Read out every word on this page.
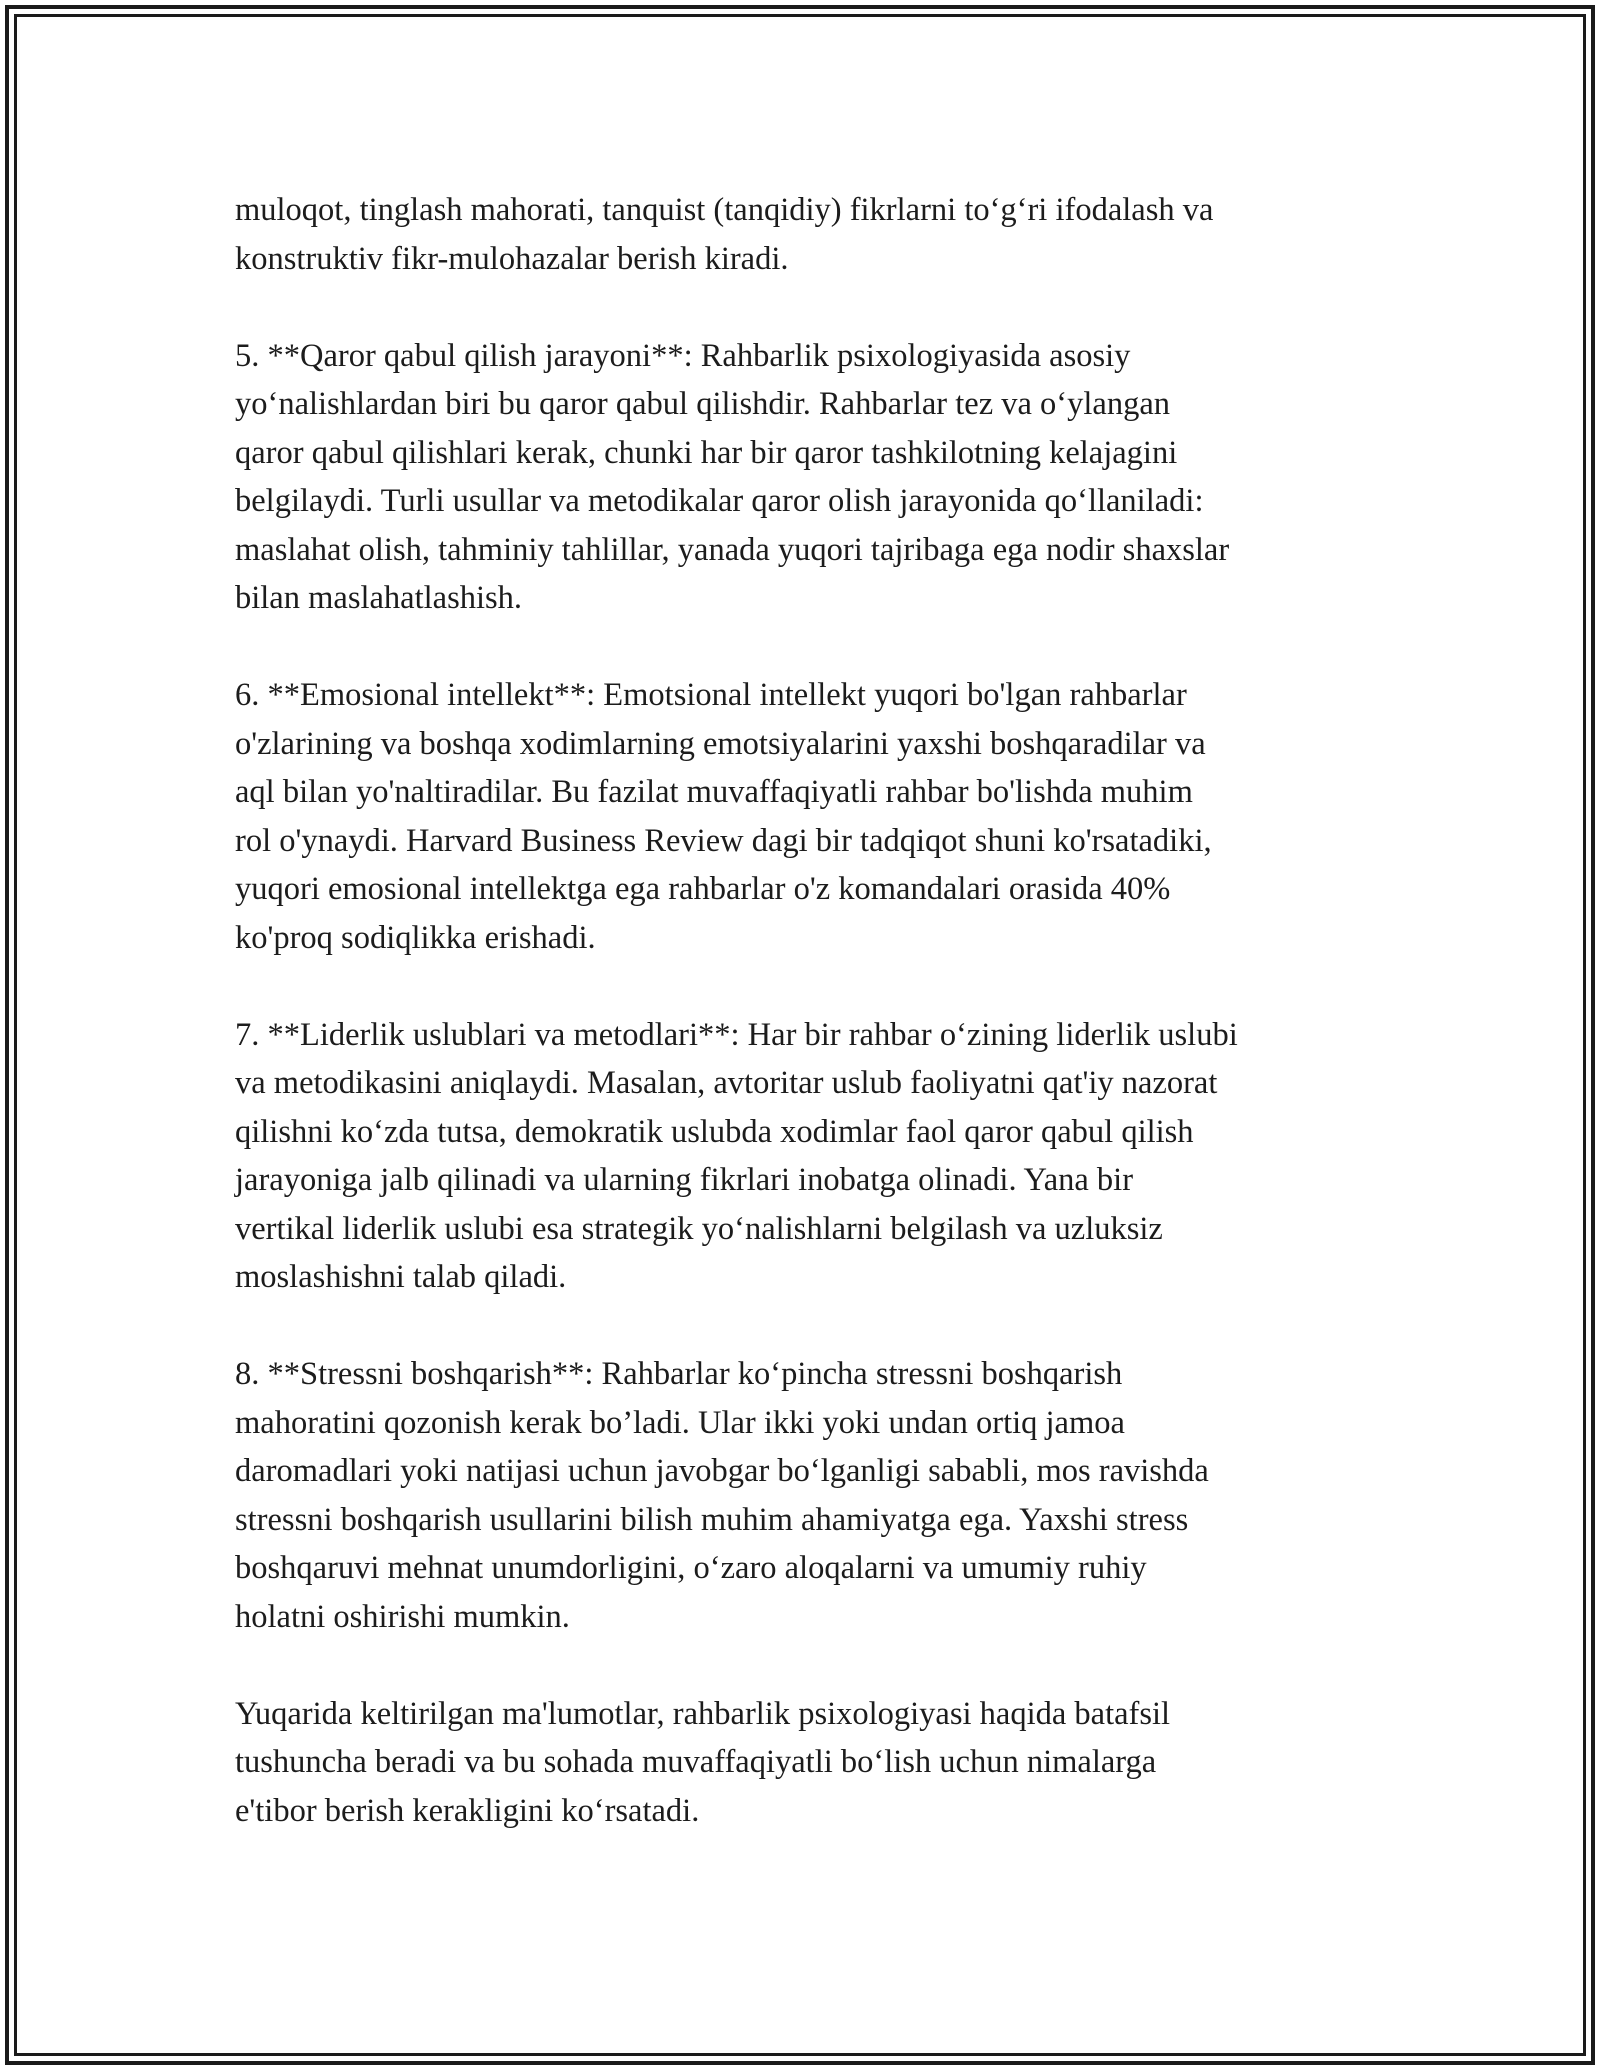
muloqot, tinglash mahorati, tanquist (tanqidiy) fikrlarni to‘g‘ri ifodalash va
konstruktiv fikr-mulohazalar berish kiradi.

5. **Qaror qabul qilish jarayoni**: Rahbarlik psixologiyasida asosiy
yo‘nalishlardan biri bu qaror qabul qilishdir. Rahbarlar tez va o‘ylangan
qaror qabul qilishlari kerak, chunki har bir qaror tashkilotning kelajagini
belgilaydi. Turli usullar va metodikalar qaror olish jarayonida qo‘llaniladi:
maslahat olish, tahminiy tahlillar, yanada yuqori tajribaga ega nodir shaxslar
bilan maslahatlashish.

6. **Emosional intellekt**: Emotsional intellekt yuqori bo'lgan rahbarlar
o'zlarining va boshqa xodimlarning emotsiyalarini yaxshi boshqaradilar va
aql bilan yo'naltiradilar. Bu fazilat muvaffaqiyatli rahbar bo'lishda muhim
rol o'ynaydi. Harvard Business Review dagi bir tadqiqot shuni ko'rsatadiki,
yuqori emosional intellektga ega rahbarlar o'z komandalari orasida 40%
ko'proq sodiqlikka erishadi.

7. **Liderlik uslublari va metodlari**: Har bir rahbar o‘zining liderlik uslubi
va metodikasini aniqlaydi. Masalan, avtoritar uslub faoliyatni qat'iy nazorat
qilishni ko‘zda tutsa, demokratik uslubda xodimlar faol qaror qabul qilish
jarayoniga jalb qilinadi va ularning fikrlari inobatga olinadi. Yana bir
vertikal liderlik uslubi esa strategik yo‘nalishlarni belgilash va uzluksiz
moslashishni talab qiladi.

8. **Stressni boshqarish**: Rahbarlar ko‘pincha stressni boshqarish
mahoratini qozonish kerak bo’ladi. Ular ikki yoki undan ortiq jamoa
daromadlari yoki natijasi uchun javobgar bo‘lganligi sababli, mos ravishda
stressni boshqarish usullarini bilish muhim ahamiyatga ega. Yaxshi stress
boshqaruvi mehnat unumdorligini, o‘zaro aloqalarni va umumiy ruhiy
holatni oshirishi mumkin.

Yuqarida keltirilgan ma'lumotlar, rahbarlik psixologiyasi haqida batafsil
tushuncha beradi va bu sohada muvaffaqiyatli bo‘lish uchun nimalarga
e'tibor berish kerakligini ko‘rsatadi.
